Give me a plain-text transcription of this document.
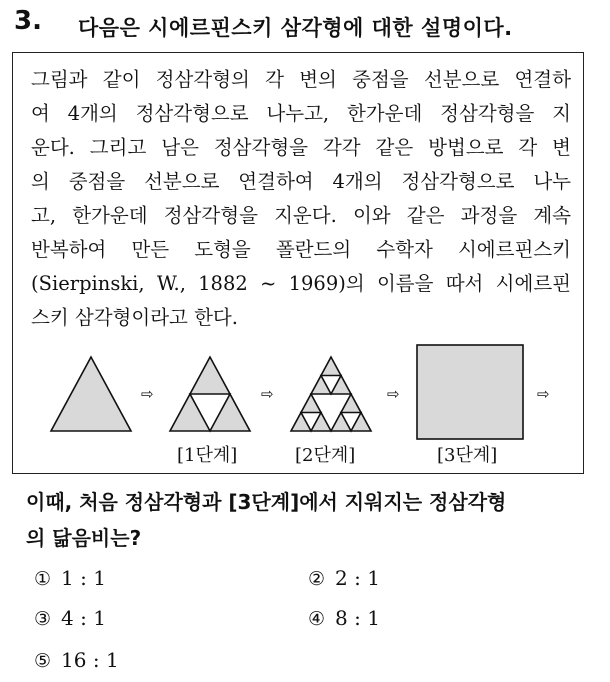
3. 다음은 시에르핀스키 삼각형에 대한 설명이다.
그림과 같이 정삼각형의 각 변의 중점을 선분으로 연결하
여 4개의 정삼각형으로 나누고, 한가운데 정삼각형을 지
운다. 그리고 남은 정삼각형을 각각 같은 방법으로 각 변
의 중점을 선분으로 연결하여 4개의 정삼각형으로 나누
고, 한가운데 정삼각형을 지운다. 이와 같은 과정을 계속
반복하여 만든 도형을 폴란드의 수학자 시에르핀스키
(Sierpinski, W., 1882 ~ 1969)의 이름을 따서 시에르핀
스키 삼각형이라고 한다.
⇨	⇨	⇨	⇨
[1단계]	[2단계]	[3단계]
이때, 처음 정삼각형과 [3단계]에서 지워지는 정삼각형
의 닮음비는?
① 1 : 1	② 2 : 1
③ 4 : 1	④ 8 : 1
⑤ 16 : 1
